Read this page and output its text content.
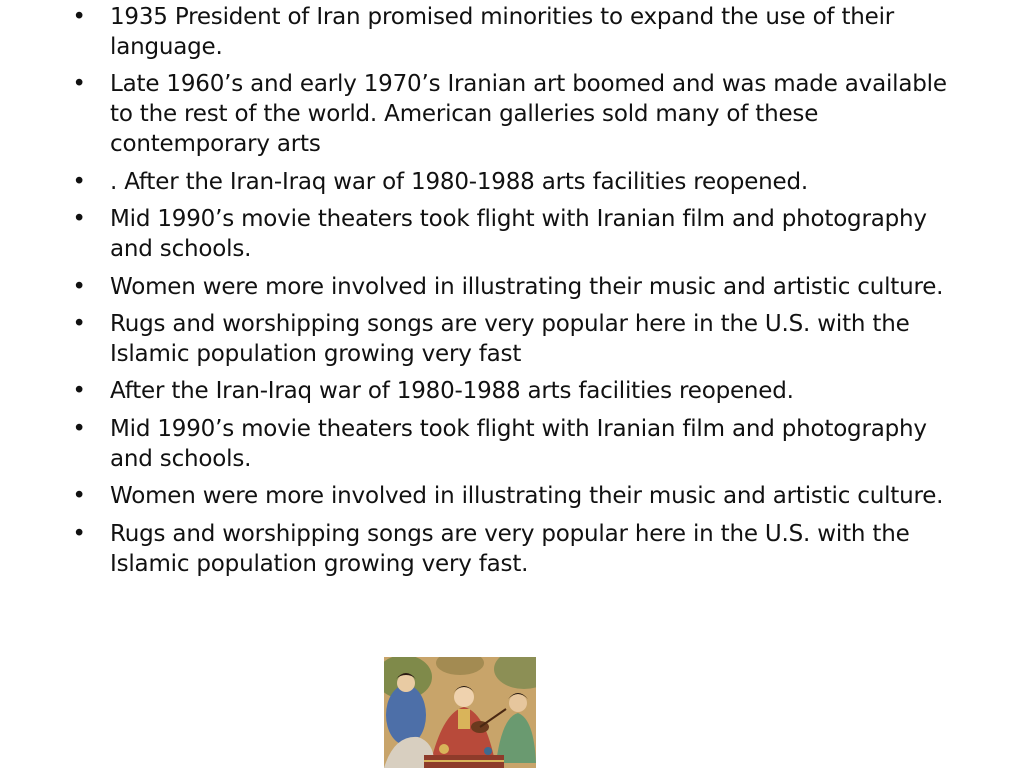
• 1935 President of Iran promised minorities to expand the use of their language.
• Late 1960’s and early 1970’s Iranian art boomed and was made available to the rest of the world. American galleries sold many of these contemporary arts
• . After the Iran-Iraq war of 1980-1988 arts facilities reopened.
• Mid 1990’s movie theaters took flight with Iranian film and photography and schools.
• Women were more involved in illustrating their music and artistic culture.
• Rugs and worshipping songs are very popular here in the U.S. with the Islamic population growing very fast
• After the Iran-Iraq war of 1980-1988 arts facilities reopened.
• Mid 1990’s movie theaters took flight with Iranian film and photography and schools.
• Women were more involved in illustrating their music and artistic culture.
• Rugs and worshipping songs are very popular here in the U.S. with the Islamic population growing very fast.
